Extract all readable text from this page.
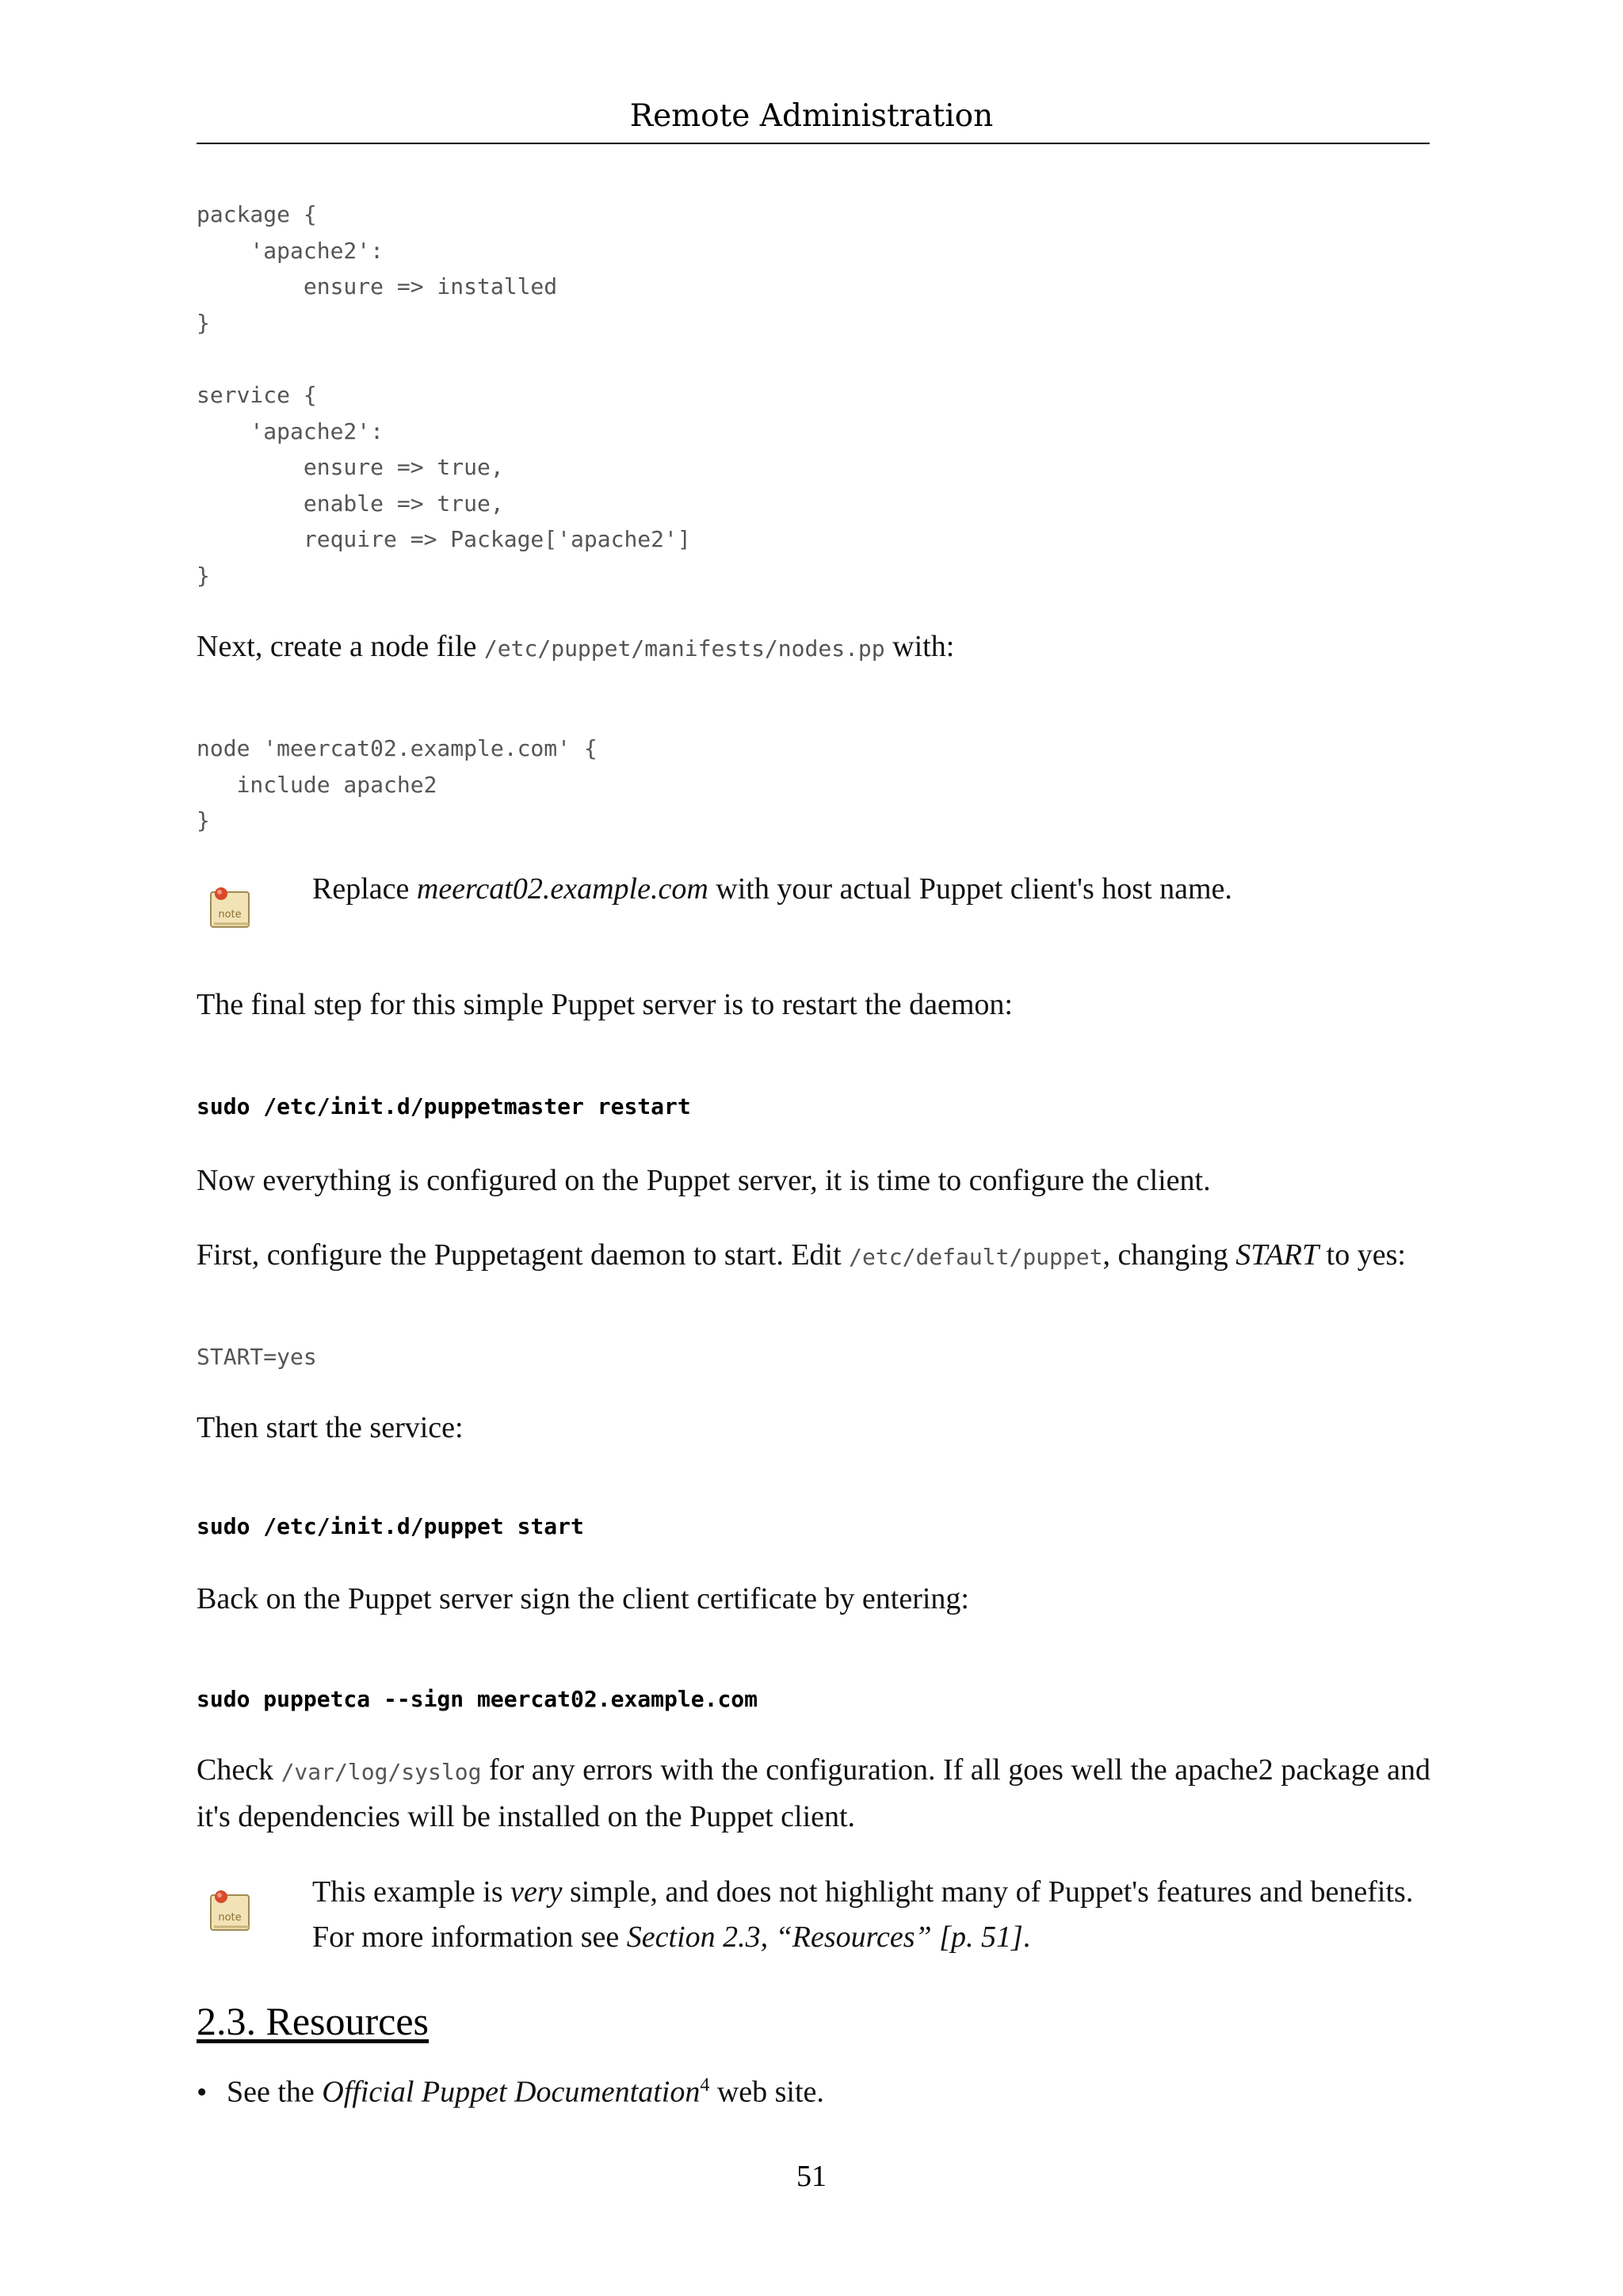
Remote Administration
package {
'apache2':
ensure => installed
}

service {
'apache2':
ensure => true,
enable => true,
require => Package['apache2']
}

Next, create a node file /etc/puppet/manifests/nodes.pp with:

node 'meercat02.example.com' {
include apache2
}
note

Replace meercat02.example.com with your actual Puppet client's host name.

The final step for this simple Puppet server is to restart the daemon:

sudo /etc/init.d/puppetmaster restart

Now everything is configured on the Puppet server, it is time to configure the client.

First, configure the Puppetagent daemon to start. Edit /etc/default/puppet, changing START to yes:

START=yes

Then start the service:

sudo /etc/init.d/puppet start

Back on the Puppet server sign the client certificate by entering:

sudo puppetca --sign meercat02.example.com

Check /var/log/syslog for any errors with the configuration. If all goes well the apache2 package and it's dependencies will be installed on the Puppet client.

note

This example is very simple, and does not highlight many of Puppet's features and benefits. For more information see Section 2.3, “Resources” [p. 51].

2.3. Resources

• See the Official Puppet Documentation$^4$ web site.

51
